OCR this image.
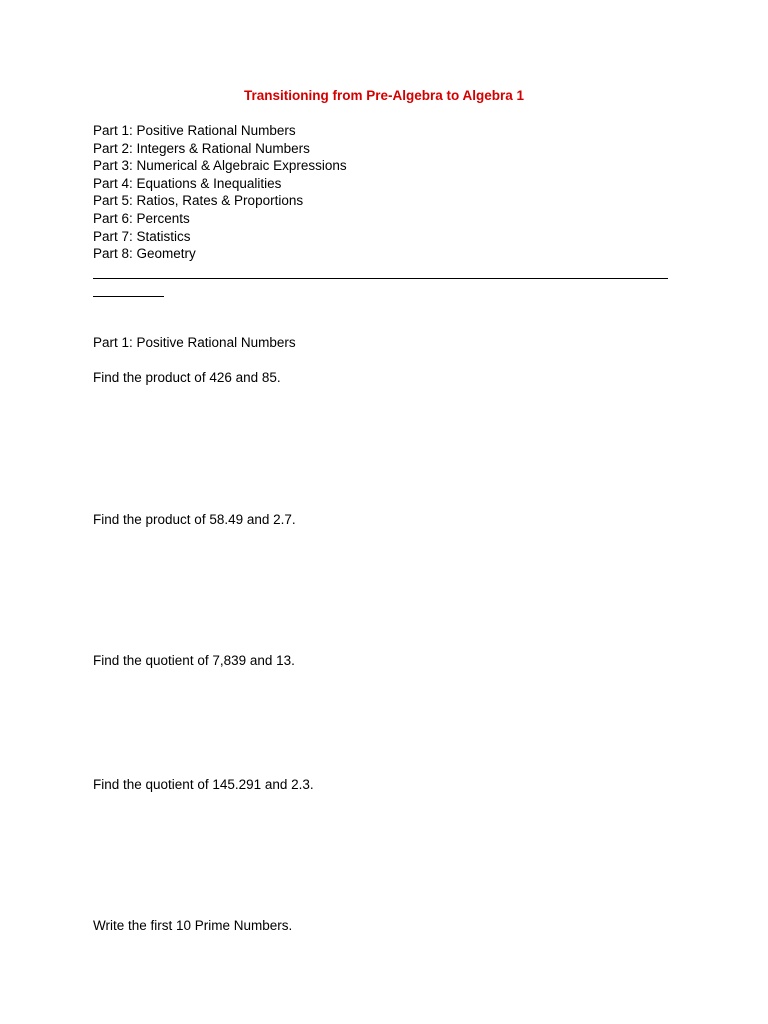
Transitioning from Pre-Algebra to Algebra 1
Part 1: Positive Rational Numbers
Part 2: Integers & Rational Numbers
Part 3: Numerical & Algebraic Expressions
Part 4: Equations & Inequalities
Part 5: Ratios, Rates & Proportions
Part 6: Percents
Part 7: Statistics
Part 8: Geometry
Part 1: Positive Rational Numbers
Find the product of 426 and 85.
Find the product of 58.49 and 2.7.
Find the quotient of 7,839 and 13.
Find the quotient of 145.291 and 2.3.
Write the first 10 Prime Numbers.
